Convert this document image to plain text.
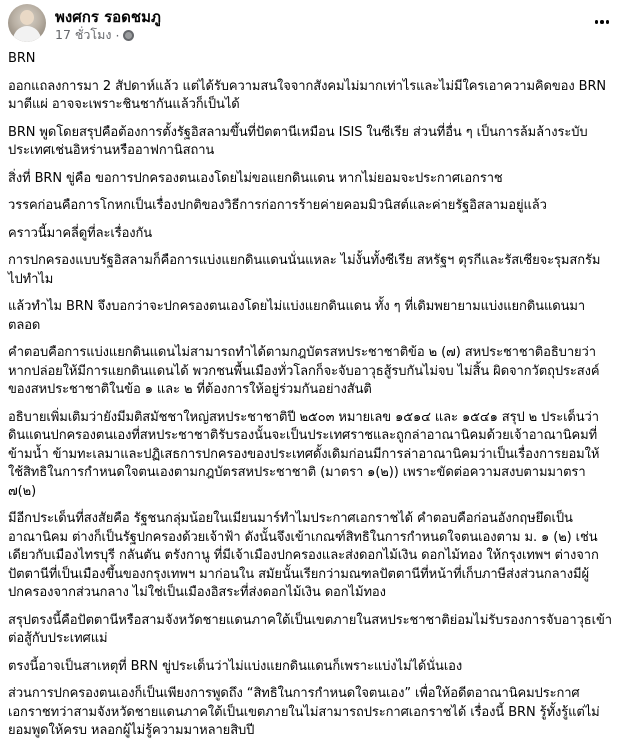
พงศกร รอดชมภู
17 ชั่วโมง ·

BRN

ออกแถลงการมา 2 สัปดาห์แล้ว แต่ได้รับความสนใจจากสังคมไม่มากเท่าไรและไม่มีใครเอาความคิดของ BRN มาตีแผ่ อาจจะเพราะชินชากันแล้วก็เป็นได้

BRN พูดโดยสรุปคือต้องการตั้งรัฐอิสลามขึ้นที่ปัตตานีเหมือน ISIS ในซีเรีย ส่วนที่อื่น ๆ เป็นการล้มล้างระบับประเทศเช่นอิหร่านหรืออาฟกานิสถาน

สิ่งที่ BRN ขู่คือ ขอการปกครองตนเองโดยไม่ขอแยกดินแดน หากไม่ยอมจะประกาศเอกราช

วรรคก่อนคือการโกหกเป็นเรื่องปกติของวิธีการก่อการร้ายค่ายคอมมิวนิสต์และค่ายรัฐอิสลามอยู่แล้ว

คราวนี้มาคลี่ดูที่ละเรื่องกัน

การปกครองแบบรัฐอิสลามก็คือการแบ่งแยกดินแดนนั่นแหละ ไม่งั้นทั้งซีเรีย สหรัฐฯ ตุรกีและรัสเซียจะรุมสกรัมไปทำไม

แล้วทำไม BRN จึงบอกว่าจะปกครองตนเองโดยไม่แบ่งแยกดินแดน ทั้ง ๆ ที่เดิมพยายามแบ่งแยกดินแดนมาตลอด

คำตอบคือการแบ่งแยกดินแดนไม่สามารถทำได้ตามกฎบัตรสหประชาชาติข้อ ๒ (๗) สหประชาชาติอธิบายว่าหากปล่อยให้มีการแยกดินแดนได้ พวกชนพื้นเมืองทั่วโลกก็จะจับอาวุธสู้รบกันไม่จบ ไม่สิ้น ผิดจากวัตถุประสงค์ของสหประชาชาติในข้อ ๑ และ ๒ ที่ต้องการให้อยู่ร่วมกันอย่างสันติ

อธิบายเพิ่มเติมว่ายังมีมติสมัชชาใหญ่สหประชาชาติปี ๒๕๐๓ หมายเลข ๑๕๑๔ และ ๑๕๔๑ สรุป ๒ ประเด็นว่าดินแดนปกครองตนเองที่สหประชาชาติรับรองนั้นจะเป็นประเทศราชและถูกล่าอาณานิคมด้วยเจ้าอาณานิคมที่ข้ามน้ำ ข้ามทะเลมาและปฏิเสธการปกครองของประเทศดั้งเดิมก่อนมีการล่าอาณานิคมว่าเป็นเรื่องการยอมให้ใช้สิทธิในการกำหนดใจตนเองตามกฎบัตรสหประชาชาติ (มาตรา ๑(๒)) เพราะขัดต่อความสงบตามมาตรา ๗(๒)

มีอีกประเด็นที่สงสัยคือ รัฐชนกลุ่มน้อยในเมียนมาร์ทำไมประกาศเอกราชได้ คำตอบคือก่อนอังกฤษยึดเป็นอาณานิคม ต่างก็เป็นรัฐปกครองด้วยเจ้าฟ้า ดังนั้นจึงเข้าเกณฑ์สิทธิในการกำหนดใจตนเองตาม ม. ๑ (๒) เช่นเดียวกับเมืองไทรบุรี กลันตัน ตรังกานู ที่มีเจ้าเมืองปกครองและส่งดอกไม้เงิน ดอกไม้ทอง ให้กรุงเทพฯ ต่างจากปัตตานีที่เป็นเมืองขึ้นของกรุงเทพฯ มาก่อนใน สมัยนั้นเรียกว่ามณฑลปัตตานีที่หน้าที่เก็บภาษีส่งส่วนกลางมีผู้ปกครองจากส่วนกลาง ไม่ใช่เป็นเมืองอิสระที่ส่งดอกไม้เงิน ดอกไม้ทอง

สรุปตรงนี้คือปัตตานีหรือสามจังหวัดชายแดนภาคใต้เป็นเขตภายในสหประชาชาติย่อมไม่รับรองการจับอาวุธเข้าต่อสู้กับประเทศแม่

ตรงนี้อาจเป็นสาเหตุที่ BRN ขู่ประเด็นว่าไม่แบ่งแยกดินแดนก็เพราะแบ่งไม่ได้นั่นเอง

ส่วนการปกครองตนเองก็เป็นเพียงการพูดถึง “สิทธิในการกำหนดใจตนเอง” เพื่อให้อดีตอาณานิคมประกาศเอกราชทว่าสามจังหวัดชายแดนภาคใต้เป็นเขตภายในไม่สามารถประกาศเอกราชได้ เรื่องนี้ BRN รู้ทั้งรู้แต่ไม่ยอมพูดให้ครบ หลอกผู้ไม่รู้ความมาหลายสิบปี
